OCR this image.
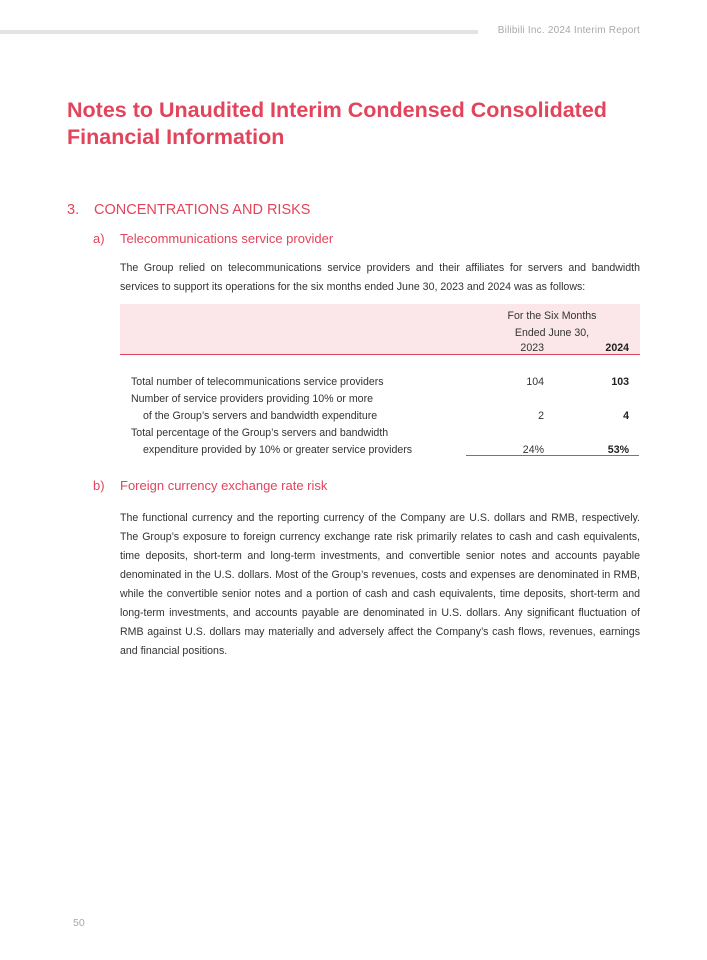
Bilibili Inc. 2024 Interim Report
Notes to Unaudited Interim Condensed Consolidated Financial Information
3. CONCENTRATIONS AND RISKS
a) Telecommunications service provider

The Group relied on telecommunications service providers and their affiliates for servers and bandwidth services to support its operations for the six months ended June 30, 2023 and 2024 was as follows:

For the Six Months
Ended June 30,
2023	2024
Total number of telecommunications service providers	104	103
Number of service providers providing 10% or more
of the Group’s servers and bandwidth expenditure	2	4
Total percentage of the Group’s servers and bandwidth
expenditure provided by 10% or greater service providers	24%	53%
b) Foreign currency exchange rate risk

The functional currency and the reporting currency of the Company are U.S. dollars and RMB, respectively. The Group’s exposure to foreign currency exchange rate risk primarily relates to cash and cash equivalents, time deposits, short-term and long-term investments, and convertible senior notes and accounts payable denominated in the U.S. dollars. Most of the Group’s revenues, costs and expenses are denominated in RMB, while the convertible senior notes and a portion of cash and cash equivalents, time deposits, short-term and long-term investments, and accounts payable are denominated in U.S. dollars. Any significant fluctuation of RMB against U.S. dollars may materially and adversely affect the Company’s cash flows, revenues, earnings and financial positions.

50
